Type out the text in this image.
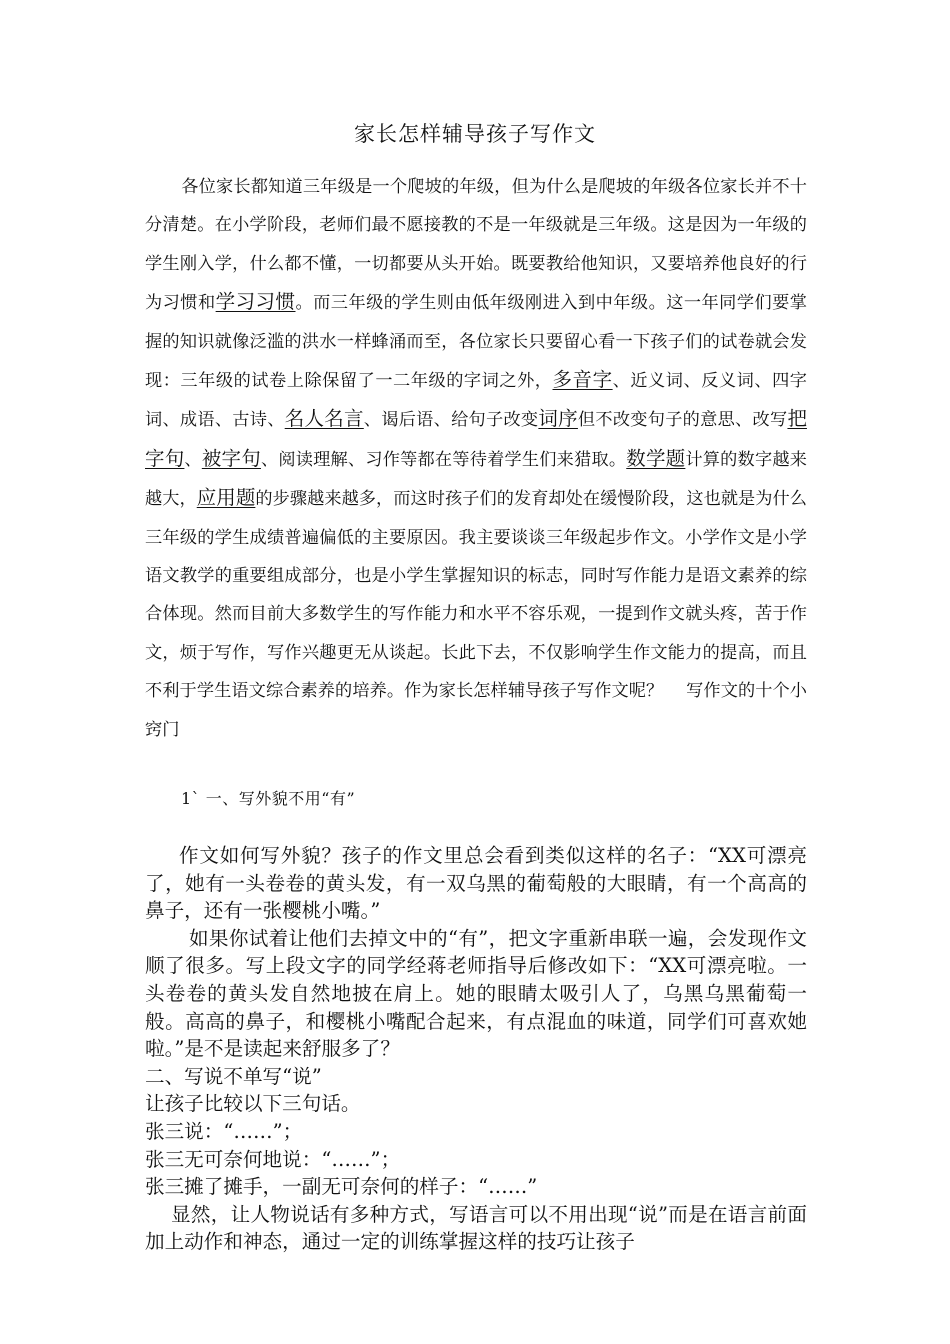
家长怎样辅导孩子写作文
各位家长都知道三年级是一个爬坡的年级，但为什么是爬坡的年级各位家长并不十分清楚。在小学阶段，老师们最不愿接教的不是一年级就是三年级。这是因为一年级的学生刚入学，什么都不懂，一切都要从头开始。既要教给他知识，又要培养他良好的行为习惯和学习习惯。而三年级的学生则由低年级刚进入到中年级。这一年同学们要掌握的知识就像泛滥的洪水一样蜂涌而至，各位家长只要留心看一下孩子们的试卷就会发现：三年级的试卷上除保留了一二年级的字词之外，多音字、近义词、反义词、四字词、成语、古诗、名人名言、谒后语、给句子改变词序但不改变句子的意思、改写把字句、被字句、阅读理解、习作等都在等待着学生们来猎取。数学题计算的数字越来越大，应用题的步骤越来越多，而这时孩子们的发育却处在缓慢阶段，这也就是为什么三年级的学生成绩普遍偏低的主要原因。我主要谈谈三年级起步作文。小学作文是小学语文教学的重要组成部分，也是小学生掌握知识的标志，同时写作能力是语文素养的综合体现。然而目前大多数学生的写作能力和水平不容乐观，一提到作文就头疼，苦于作文，烦于写作，写作兴趣更无从谈起。长此下去，不仅影响学生作文能力的提高，而且不利于学生语文综合素养的培养。作为家长怎样辅导孩子写作文呢？　 写作文的十个小窍门
1` 一、写外貌不用“有”

作文如何写外貌？孩子的作文里总会看到类似这样的名子：“XX可漂亮了，她有一头卷卷的黄头发，有一双乌黑的葡萄般的大眼睛，有一个高高的鼻子，还有一张樱桃小嘴。”

如果你试着让他们去掉文中的“有”，把文字重新串联一遍，会发现作文顺了很多。写上段文字的同学经蒋老师指导后修改如下：“XX可漂亮啦。一头卷卷的黄头发自然地披在肩上。她的眼睛太吸引人了，乌黑乌黑葡萄一般。高高的鼻子，和樱桃小嘴配合起来，有点混血的味道，同学们可喜欢她啦。”是不是读起来舒服多了？

二、写说不单写“说”

让孩子比较以下三句话。

张三说：“……”；

张三无可奈何地说：“……”；

张三摊了摊手，一副无可奈何的样子：“……”

显然，让人物说话有多种方式，写语言可以不用出现“说”而是在语言前面加上动作和神态，通过一定的训练掌握这样的技巧让孩子
